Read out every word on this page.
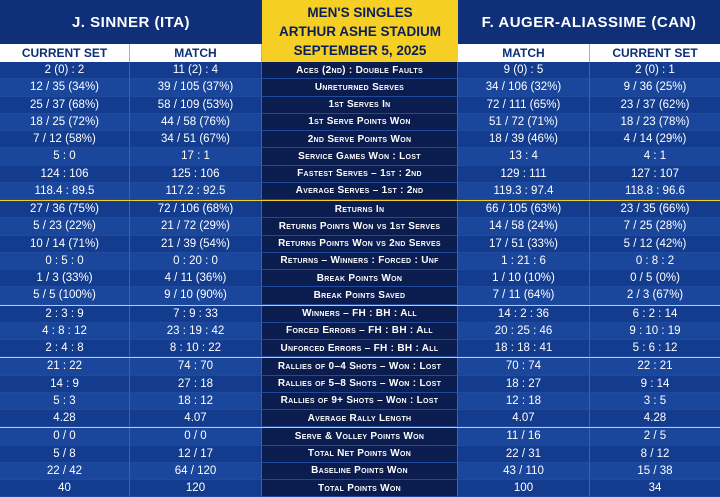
J. SINNER (ITA)
MEN'S SINGLES
ARTHUR ASHE STADIUM
SEPTEMBER 5, 2025
F. AUGER-ALIASSIME (CAN)
CURRENT SET	MATCH	MATCH	CURRENT SET
2 (0) : 2	11 (2) : 4	Aces (2nd) : Double Faults	9 (0) : 5	2 (0) : 1
12 / 35 (34%)	39 / 105 (37%)	Unreturned Serves	34 / 106 (32%)	9 / 36 (25%)
25 / 37 (68%)	58 / 109 (53%)	1st Serves In	72 / 111 (65%)	23 / 37 (62%)
18 / 25 (72%)	44 / 58 (76%)	1st Serve Points Won	51 / 72 (71%)	18 / 23 (78%)
7 / 12 (58%)	34 / 51 (67%)	2nd Serve Points Won	18 / 39 (46%)	4 / 14 (29%)
5 : 0	17 : 1	Service Games Won : Lost	13 : 4	4 : 1
124 : 106	125 : 106	Fastest Serves – 1st : 2nd	129 : 111	127 : 107
118.4 : 89.5	117.2 : 92.5	Average Serves – 1st : 2nd	119.3 : 97.4	118.8 : 96.6
27 / 36 (75%)	72 / 106 (68%)	Returns In	66 / 105 (63%)	23 / 35 (66%)
5 / 23 (22%)	21 / 72 (29%)	Returns Points Won vs 1st Serves	14 / 58 (24%)	7 / 25 (28%)
10 / 14 (71%)	21 / 39 (54%)	Returns Points Won vs 2nd Serves	17 / 51 (33%)	5 / 12 (42%)
0 : 5 : 0	0 : 20 : 0	Returns – Winners : Forced : Unf	1 : 21 : 6	0 : 8 : 2
1 / 3 (33%)	4 / 11 (36%)	Break Points Won	1 / 10 (10%)	0 / 5 (0%)
5 / 5 (100%)	9 / 10 (90%)	Break Points Saved	7 / 11 (64%)	2 / 3 (67%)
2 : 3 : 9	7 : 9 : 33	Winners – FH : BH : All	14 : 2 : 36	6 : 2 : 14
4 : 8 : 12	23 : 19 : 42	Forced Errors – FH : BH : All	20 : 25 : 46	9 : 10 : 19
2 : 4 : 8	8 : 10 : 22	Unforced Errors – FH : BH : All	18 : 18 : 41	5 : 6 : 12
21 : 22	74 : 70	Rallies of 0–4 Shots – Won : Lost	70 : 74	22 : 21
14 : 9	27 : 18	Rallies of 5–8 Shots – Won : Lost	18 : 27	9 : 14
5 : 3	18 : 12	Rallies of 9+ Shots – Won : Lost	12 : 18	3 : 5
4.28	4.07	Average Rally Length	4.07	4.28
0 / 0	0 / 0	Serve & Volley Points Won	11 / 16	2 / 5
5 / 8	12 / 17	Total Net Points Won	22 / 31	8 / 12
22 / 42	64 / 120	Baseline Points Won	43 / 110	15 / 38
40	120	Total Points Won	100	34
